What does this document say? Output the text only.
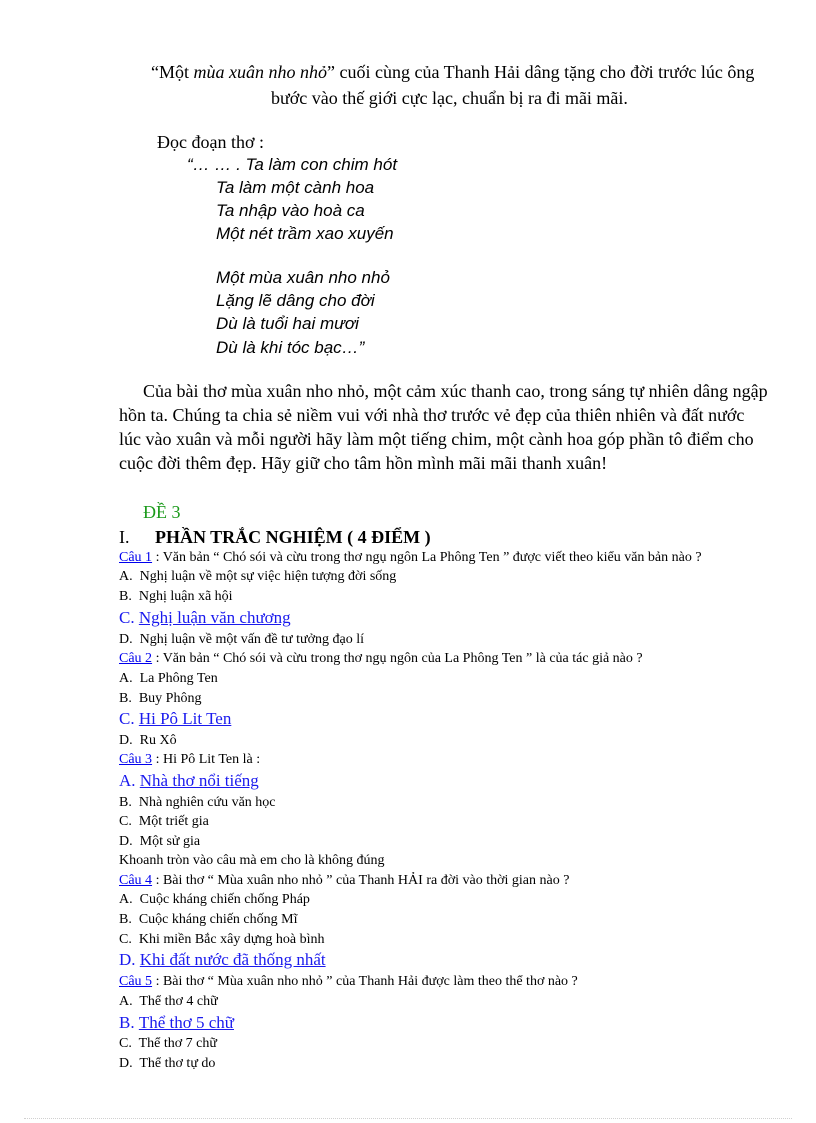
“Một mùa xuân nho nhỏ” cuối cùng của Thanh Hải dâng tặng cho đời trước lúc ông
bước vào thế giới cực lạc, chuẩn bị ra đi mãi mãi.
Đọc đoạn thơ :
“… … . Ta làm con chim hót
Ta làm một cành hoa
Ta nhập vào hoà ca
Một nét trầm xao xuyến
Một mùa xuân nho nhỏ
Lặng lẽ dâng cho đời
Dù là tuổi hai mươi
Dù là khi tóc bạc…”
Của bài thơ mùa xuân nho nhỏ, một cảm xúc thanh cao, trong sáng tự nhiên dâng ngập
hồn ta. Chúng ta chia sẻ niềm vui với nhà thơ trước vẻ đẹp của thiên nhiên và đất nước
lúc vào xuân và mỗi người hãy làm một tiếng chim, một cành hoa góp phần tô điểm cho
cuộc đời thêm đẹp. Hãy giữ cho tâm hồn mình mãi mãi thanh xuân!
ĐỀ 3
I. PHẦN TRẮC NGHIỆM ( 4 ĐIỂM )
Câu 1 : Văn bản “ Chó sói và cừu trong thơ ngụ ngôn La Phông Ten ” được viết theo kiểu văn bản nào ?
A. Nghị luận về một sự việc hiện tượng đời sống
B. Nghị luận xã hội
C. Nghị luận văn chương
D. Nghị luận về một vấn đề tư tưởng đạo lí
Câu 2 : Văn bản “ Chó sói và cừu trong thơ ngụ ngôn của La Phông Ten ” là của tác giả nào ?
A. La Phông Ten
B. Buy Phông
C. Hi Pô Lit Ten
D. Ru Xô
Câu 3 : Hi Pô Lit Ten là :
A. Nhà thơ nổi tiếng
B. Nhà nghiên cứu văn học
C. Một triết gia
D. Một sử gia
Khoanh tròn vào câu mà em cho là không đúng
Câu 4 : Bài thơ “ Mùa xuân nho nhỏ ” của Thanh HẢI ra đời vào thời gian nào ?
A. Cuộc kháng chiến chống Pháp
B. Cuộc kháng chiến chống Mĩ
C. Khi miền Bắc xây dựng hoà bình
D. Khi đất nước đã thống nhất
Câu 5 : Bài thơ “ Mùa xuân nho nhỏ ” của Thanh Hải được làm theo thể thơ nào ?
A. Thể thơ 4 chữ
B. Thể thơ 5 chữ
C. Thể thơ 7 chữ
D. Thể thơ tự do
